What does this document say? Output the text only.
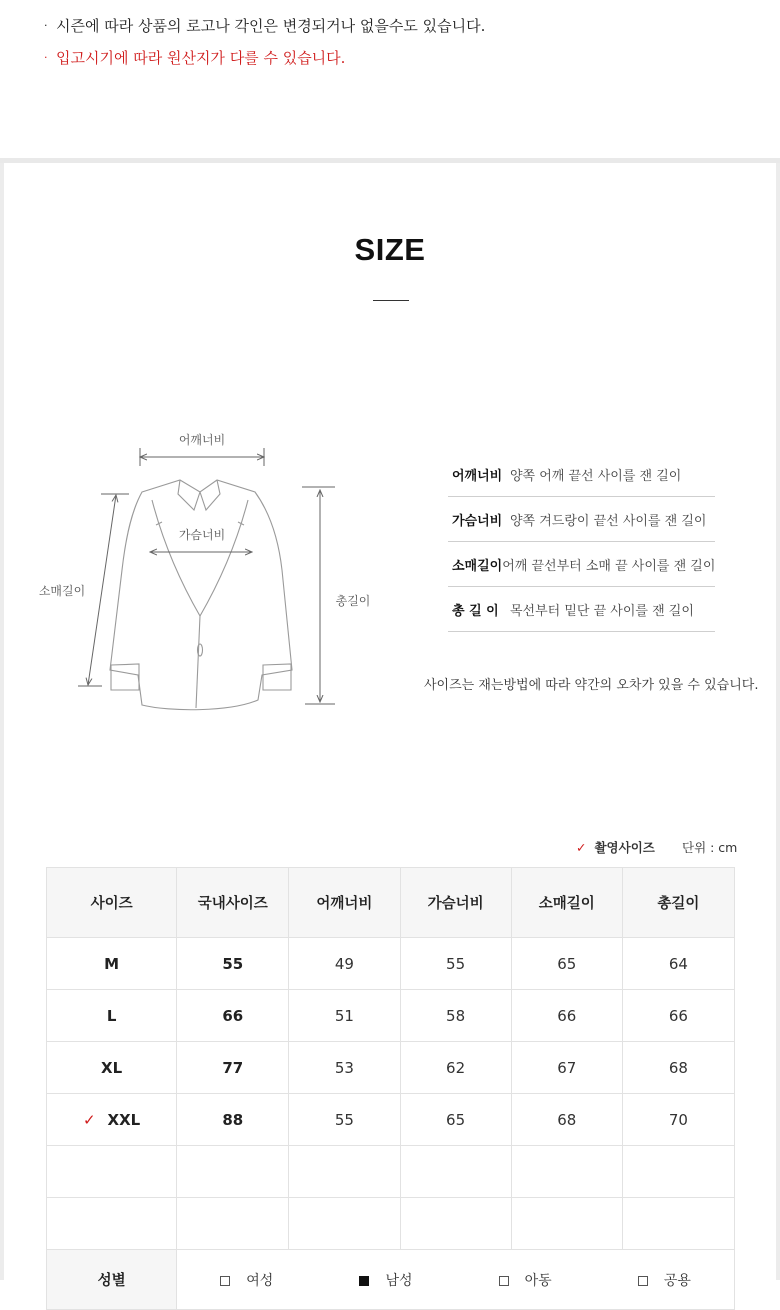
· 시즌에 따라 상품의 로고나 각인은 변경되거나 없을수도 있습니다.
· 입고시기에 따라 원산지가 다를 수 있습니다.
SIZE
어깨너비
가슴너비
소매길이
총길이
어깨너비 양쪽 어깨 끝선 사이를 잰 길이
가슴너비 양쪽 겨드랑이 끝선 사이를 잰 길이
소매길이 어깨 끝선부터 소매 끝 사이를 잰 길이
총 길 이 목선부터 밑단 끝 사이를 잰 길이
사이즈는 재는방법에 따라 약간의 오차가 있을 수 있습니다.
✓ 촬영사이즈 단위 : cm
사이즈	국내사이즈	어깨너비	가슴너비	소매길이	총길이
M	55	49	55	65	64
L	66	51	58	66	66
XL	77	53	62	67	68
✓ XXL	88	55	65	68	70

성별	여성 남성 아동 공용				
